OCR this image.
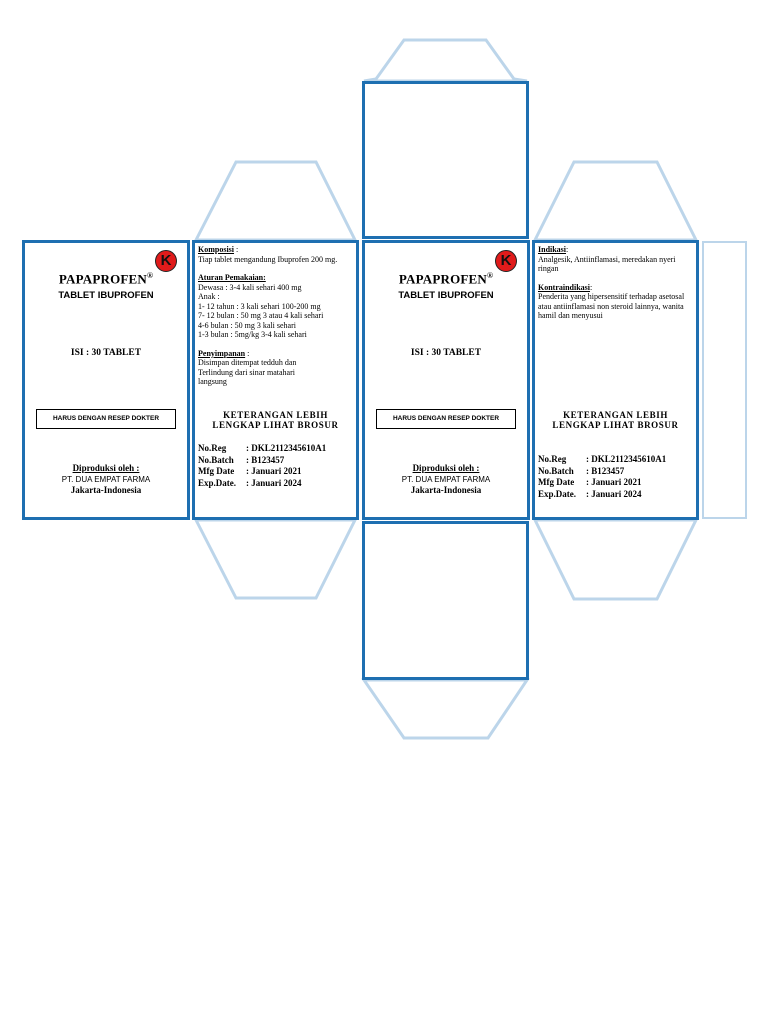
K
PAPAPROFEN®
TABLET IBUPROFEN
ISI : 30 TABLET
HARUS DENGAN RESEP DOKTER
Diproduksi oleh :
PT. DUA EMPAT FARMA
Jakarta-Indonesia

Komposisi :

Tiap tablet mengandung Ibuprofen 200 mg.

Aturan Pemakaian:

Dewasa : 3-4 kali sehari 400 mg

Anak :

1- 12 tahun : 3 kali sehari 100-200 mg

7- 12 bulan : 50 mg 3 atau 4 kali sehari

4-6 bulan : 50 mg 3 kali sehari

1-3 bulan : 5mg/kg 3-4 kali sehari

Penyimpanan :

Disimpan ditempat tedduh dan

Terlindung dari sinar matahari

langsung

KETERANGAN LEBIH
LENGKAP LIHAT BROSUR
No.Reg : DKL2112345610A1
No.Batch : B123457
Mfg Date : Januari 2021
Exp.Date. : Januari 2024
K
PAPAPROFEN®
TABLET IBUPROFEN
ISI : 30 TABLET
HARUS DENGAN RESEP DOKTER
Diproduksi oleh :
PT. DUA EMPAT FARMA
Jakarta-Indonesia

Indikasi:

Analgesik, Antiinflamasi, meredakan nyeri ringan

Kontraindikasi:

Penderita yang hipersensitif terhadap asetosal atau antiinflamasi non steroid lainnya, wanita hamil dan menyusui

KETERANGAN LEBIH
LENGKAP LIHAT BROSUR
No.Reg : DKL2112345610A1
No.Batch : B123457
Mfg Date : Januari 2021
Exp.Date. : Januari 2024
